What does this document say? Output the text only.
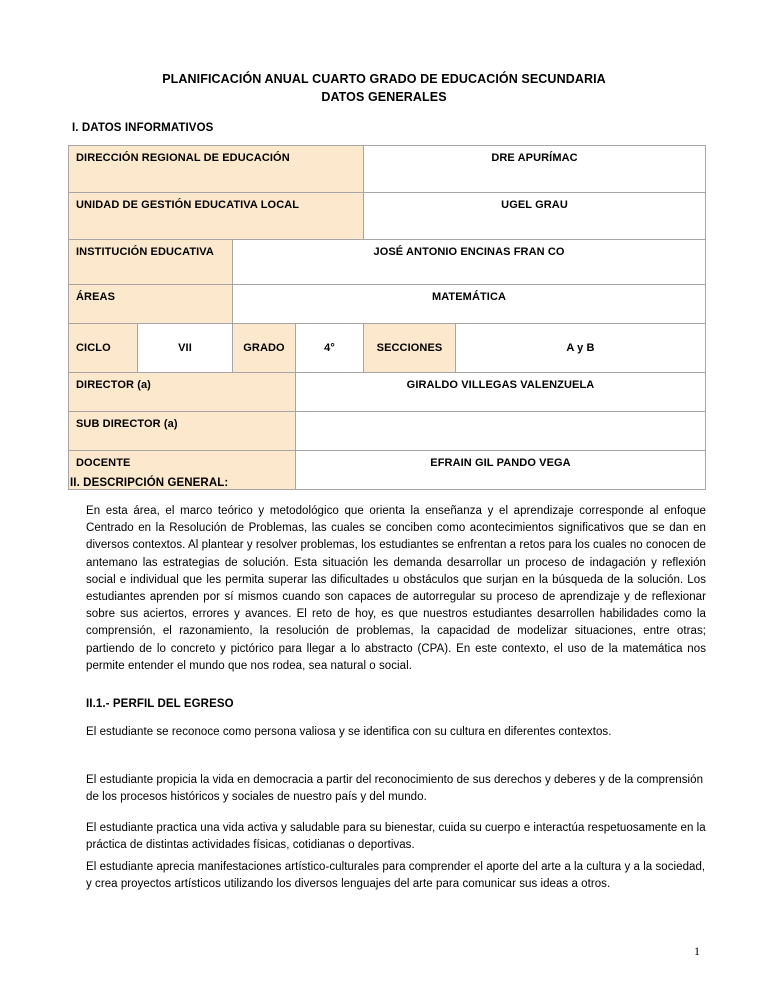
PLANIFICACIÓN ANUAL CUARTO GRADO DE EDUCACIÓN SECUNDARIA
DATOS GENERALES
I. DATOS INFORMATIVOS
DIRECCIÓN REGIONAL DE EDUCACIÓN				DRE APURÍMAC	
UNIDAD DE GESTIÓN EDUCATIVA LOCAL				UGEL GRAU	
INSTITUCIÓN EDUCATIVA		JOSÉ ANTONIO ENCINAS FRAN CO			
ÁREAS		MATEMÁTICA			
CICLO	VII	GRADO	4°	SECCIONES	A y B
DIRECTOR (a)			GIRALDO VILLEGAS VALENZUELA		
SUB DIRECTOR (a)					
DOCENTE			EFRAIN GIL PANDO VEGA		
II. DESCRIPCIÓN GENERAL:

En esta área, el marco teórico y metodológico que orienta la enseñanza y el aprendizaje corresponde al enfoque Centrado en la Resolución de Problemas, las cuales se conciben como acontecimientos significativos que se dan en diversos contextos. Al plantear y resolver problemas, los estudiantes se enfrentan a retos para los cuales no conocen de antemano las estrategias de solución. Esta situación les demanda desarrollar un proceso de indagación y reflexión social e individual que les permita superar las dificultades u obstáculos que surjan en la búsqueda de la solución. Los estudiantes aprenden por sí mismos cuando son capaces de autorregular su proceso de aprendizaje y de reflexionar sobre sus aciertos, errores y avances. El reto de hoy, es que nuestros estudiantes desarrollen habilidades como la comprensión, el razonamiento, la resolución de problemas, la capacidad de modelizar situaciones, entre otras; partiendo de lo concreto y pictórico para llegar a lo abstracto (CPA). En este contexto, el uso de la matemática nos permite entender el mundo que nos rodea, sea natural o social.

II.1.- PERFIL DEL EGRESO

El estudiante se reconoce como persona valiosa y se identifica con su cultura en diferentes contextos.

El estudiante propicia la vida en democracia a partir del reconocimiento de sus derechos y deberes y de la comprensión de los procesos históricos y sociales de nuestro país y del mundo.

El estudiante practica una vida activa y saludable para su bienestar, cuida su cuerpo e interactúa respetuosamente en la práctica de distintas actividades físicas, cotidianas o deportivas.

El estudiante aprecia manifestaciones artístico-culturales para comprender el aporte del arte a la cultura y a la sociedad, y crea proyectos artísticos utilizando los diversos lenguajes del arte para comunicar sus ideas a otros.

1
